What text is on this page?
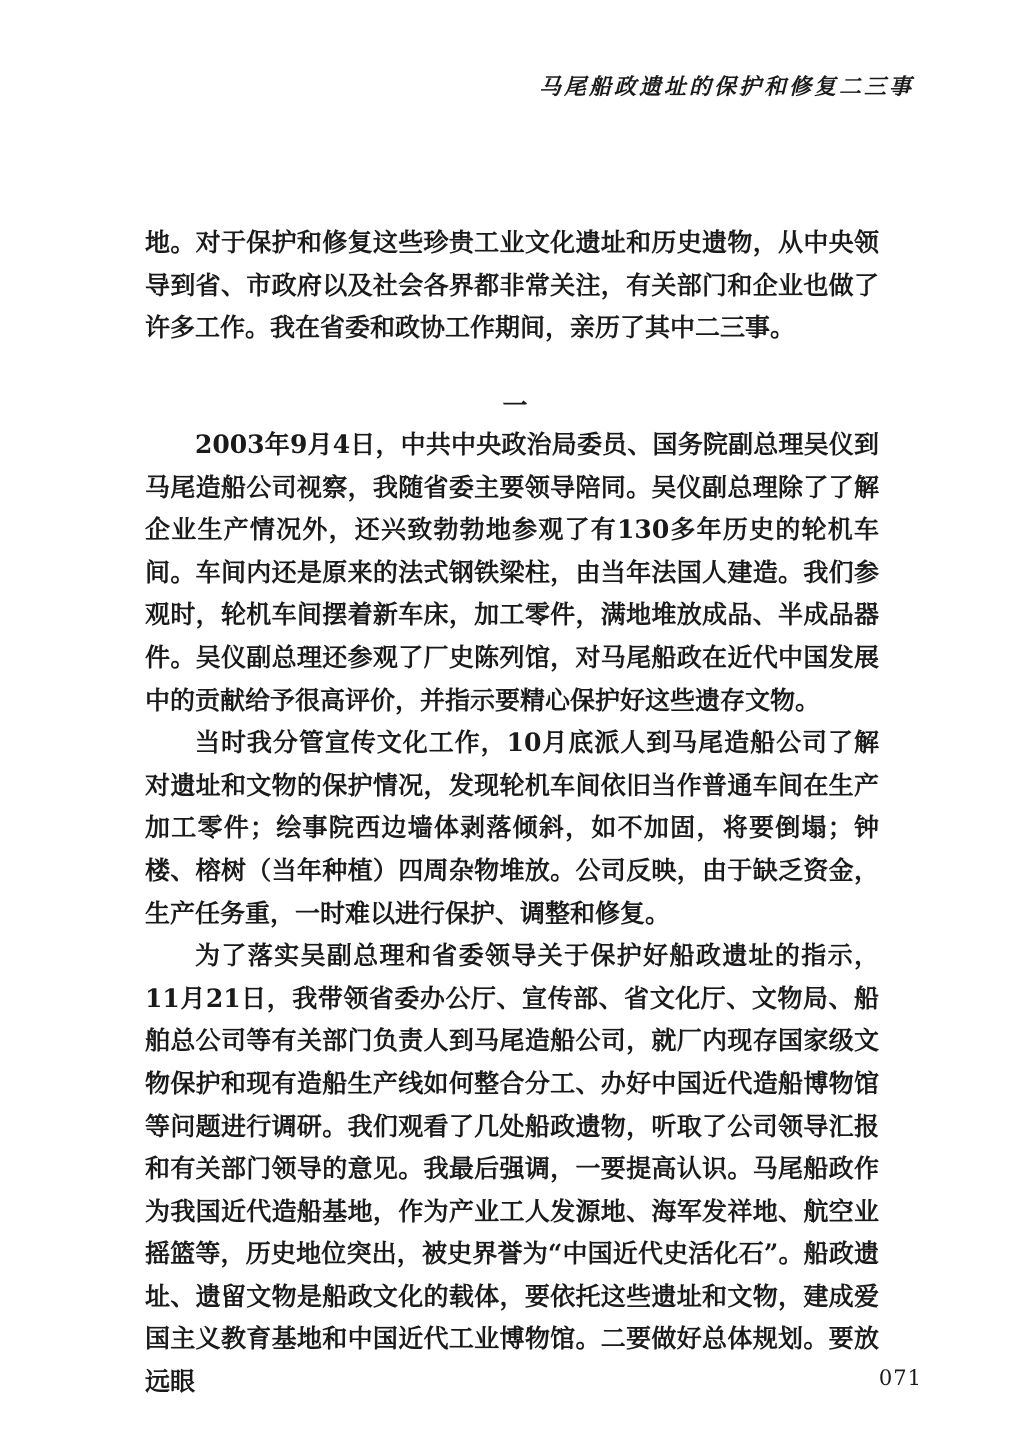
马尾船政遗址的保护和修复二三事

地。对于保护和修复这些珍贵工业文化遗址和历史遗物，从中央领导到省、市政府以及社会各界都非常关注，有关部门和企业也做了许多工作。我在省委和政协工作期间，亲历了其中二三事。

一

2003年9月4日，中共中央政治局委员、国务院副总理吴仪到马尾造船公司视察，我随省委主要领导陪同。吴仪副总理除了了解企业生产情况外，还兴致勃勃地参观了有130多年历史的轮机车间。车间内还是原来的法式钢铁梁柱，由当年法国人建造。我们参观时，轮机车间摆着新车床，加工零件，满地堆放成品、半成品器件。吴仪副总理还参观了厂史陈列馆，对马尾船政在近代中国发展中的贡献给予很高评价，并指示要精心保护好这些遗存文物。

当时我分管宣传文化工作，10月底派人到马尾造船公司了解对遗址和文物的保护情况，发现轮机车间依旧当作普通车间在生产加工零件；绘事院西边墙体剥落倾斜，如不加固，将要倒塌；钟楼、榕树（当年种植）四周杂物堆放。公司反映，由于缺乏资金，生产任务重，一时难以进行保护、调整和修复。

为了落实吴副总理和省委领导关于保护好船政遗址的指示，11月21日，我带领省委办公厅、宣传部、省文化厅、文物局、船舶总公司等有关部门负责人到马尾造船公司，就厂内现存国家级文物保护和现有造船生产线如何整合分工、办好中国近代造船博物馆等问题进行调研。我们观看了几处船政遗物，听取了公司领导汇报和有关部门领导的意见。我最后强调，一要提高认识。马尾船政作为我国近代造船基地，作为产业工人发源地、海军发祥地、航空业摇篮等，历史地位突出，被史界誉为“中国近代史活化石”。船政遗址、遗留文物是船政文化的载体，要依托这些遗址和文物，建成爱国主义教育基地和中国近代工业博物馆。二要做好总体规划。要放远眼	071
